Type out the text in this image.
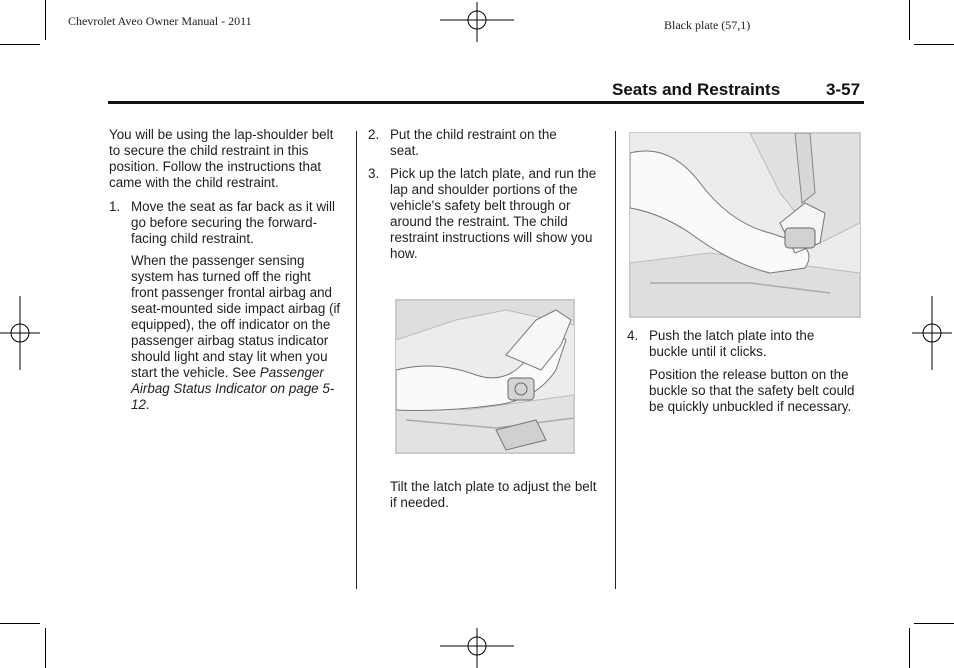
Chevrolet Aveo Owner Manual - 2011	Black plate (57,1)
Seats and Restraints	3-57
You will be using the lap-shoulder belt to secure the child restraint in this position. Follow the instructions that came with the child restraint.
1. Move the seat as far back as it will go before securing the forward-facing child restraint.
When the passenger sensing system has turned off the right front passenger frontal airbag and seat-mounted side impact airbag (if equipped), the off indicator on the passenger airbag status indicator should light and stay lit when you start the vehicle. See Passenger Airbag Status Indicator on page 5-12.
2. Put the child restraint on the seat.
3. Pick up the latch plate, and run the lap and shoulder portions of the vehicle's safety belt through or around the restraint. The child restraint instructions will show you how.
Tilt the latch plate to adjust the belt if needed.
4. Push the latch plate into the buckle until it clicks.
Position the release button on the buckle so that the safety belt could be quickly unbuckled if necessary.
